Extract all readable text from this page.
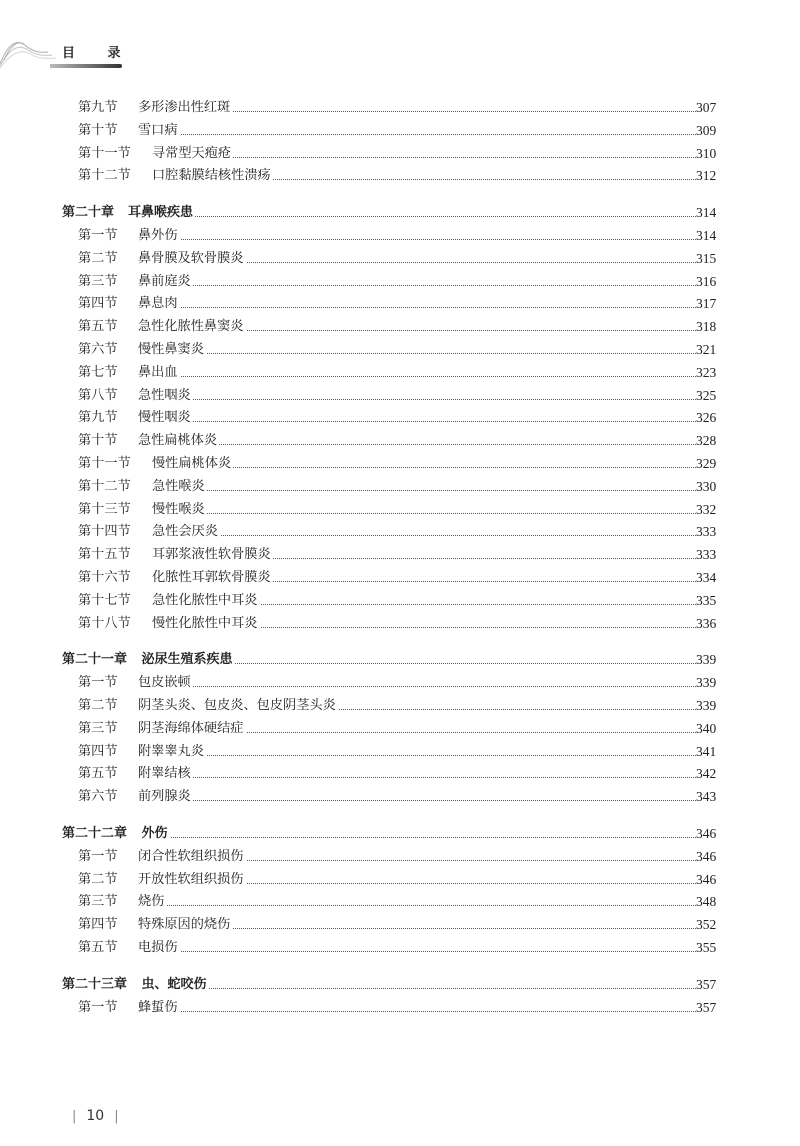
目 录
第九节 多形渗出性红斑	307
第十节 雪口病	309
第十一节 寻常型天疱疮	310
第十二节 口腔黏膜结核性溃疡	312
第二十章 耳鼻喉疾患	314
第一节 鼻外伤	314
第二节 鼻骨膜及软骨膜炎	315
第三节 鼻前庭炎	316
第四节 鼻息肉	317
第五节 急性化脓性鼻窦炎	318
第六节 慢性鼻窦炎	321
第七节 鼻出血	323
第八节 急性咽炎	325
第九节 慢性咽炎	326
第十节 急性扁桃体炎	328
第十一节 慢性扁桃体炎	329
第十二节 急性喉炎	330
第十三节 慢性喉炎	332
第十四节 急性会厌炎	333
第十五节 耳郭浆液性软骨膜炎	333
第十六节 化脓性耳郭软骨膜炎	334
第十七节 急性化脓性中耳炎	335
第十八节 慢性化脓性中耳炎	336
第二十一章 泌尿生殖系疾患	339
第一节 包皮嵌顿	339
第二节 阴茎头炎、包皮炎、包皮阴茎头炎	339
第三节 阴茎海绵体硬结症	340
第四节 附睾睾丸炎	341
第五节 附睾结核	342
第六节 前列腺炎	343
第二十二章 外伤	346
第一节 闭合性软组织损伤	346
第二节 开放性软组织损伤	346
第三节 烧伤	348
第四节 特殊原因的烧伤	352
第五节 电损伤	355
第二十三章 虫、蛇咬伤	357
第一节 蜂蜇伤	357
| 10 |
